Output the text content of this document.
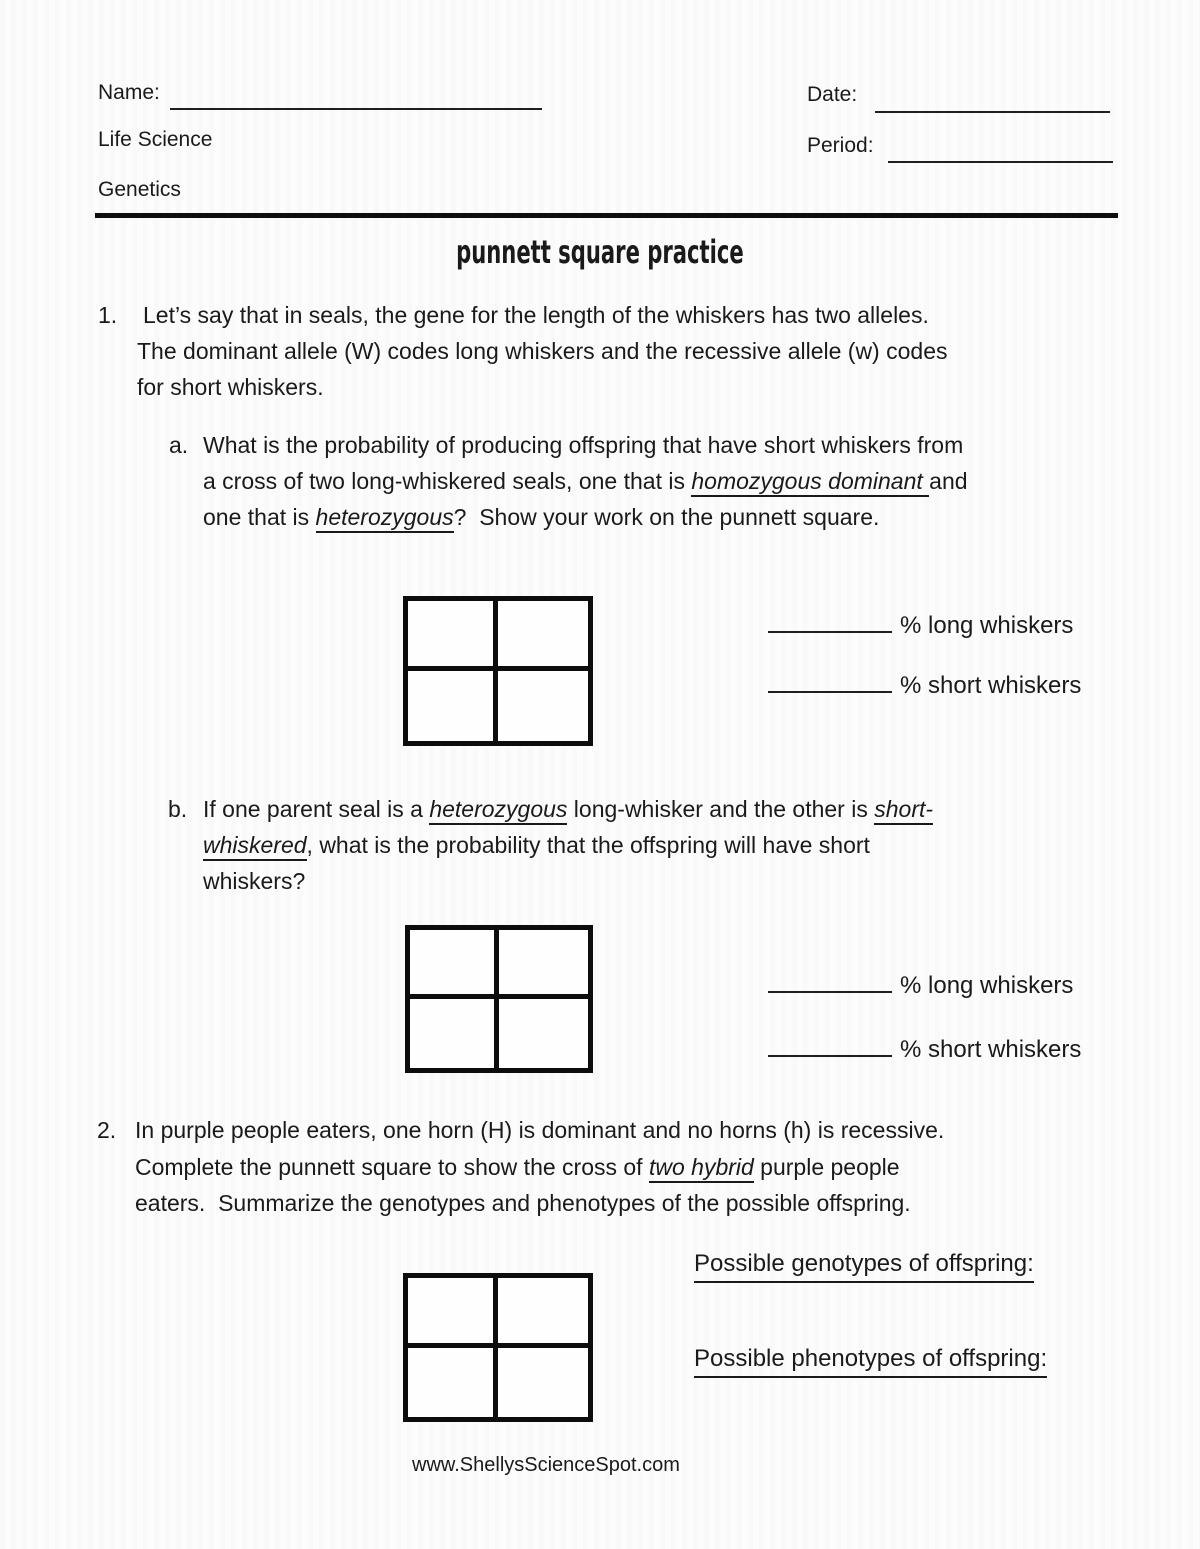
Name:	Date:
Life Science	Period:
Genetics
punnett square practice
1. Let’s say that in seals, the gene for the length of the whiskers has two alleles.
The dominant allele (W) codes long whiskers and the recessive allele (w) codes
for short whiskers.
a. What is the probability of producing offspring that have short whiskers from
a cross of two long-whiskered seals, one that is homozygous dominant and
one that is heterozygous?  Show your work on the punnett square.
% long whiskers
% short whiskers
b. If one parent seal is a heterozygous long-whisker and the other is short-
whiskered, what is the probability that the offspring will have short
whiskers?
% long whiskers
% short whiskers
2. In purple people eaters, one horn (H) is dominant and no horns (h) is recessive.
Complete the punnett square to show the cross of two hybrid purple people
eaters.  Summarize the genotypes and phenotypes of the possible offspring.
Possible genotypes of offspring:
Possible phenotypes of offspring:
www.ShellysScienceSpot.com
